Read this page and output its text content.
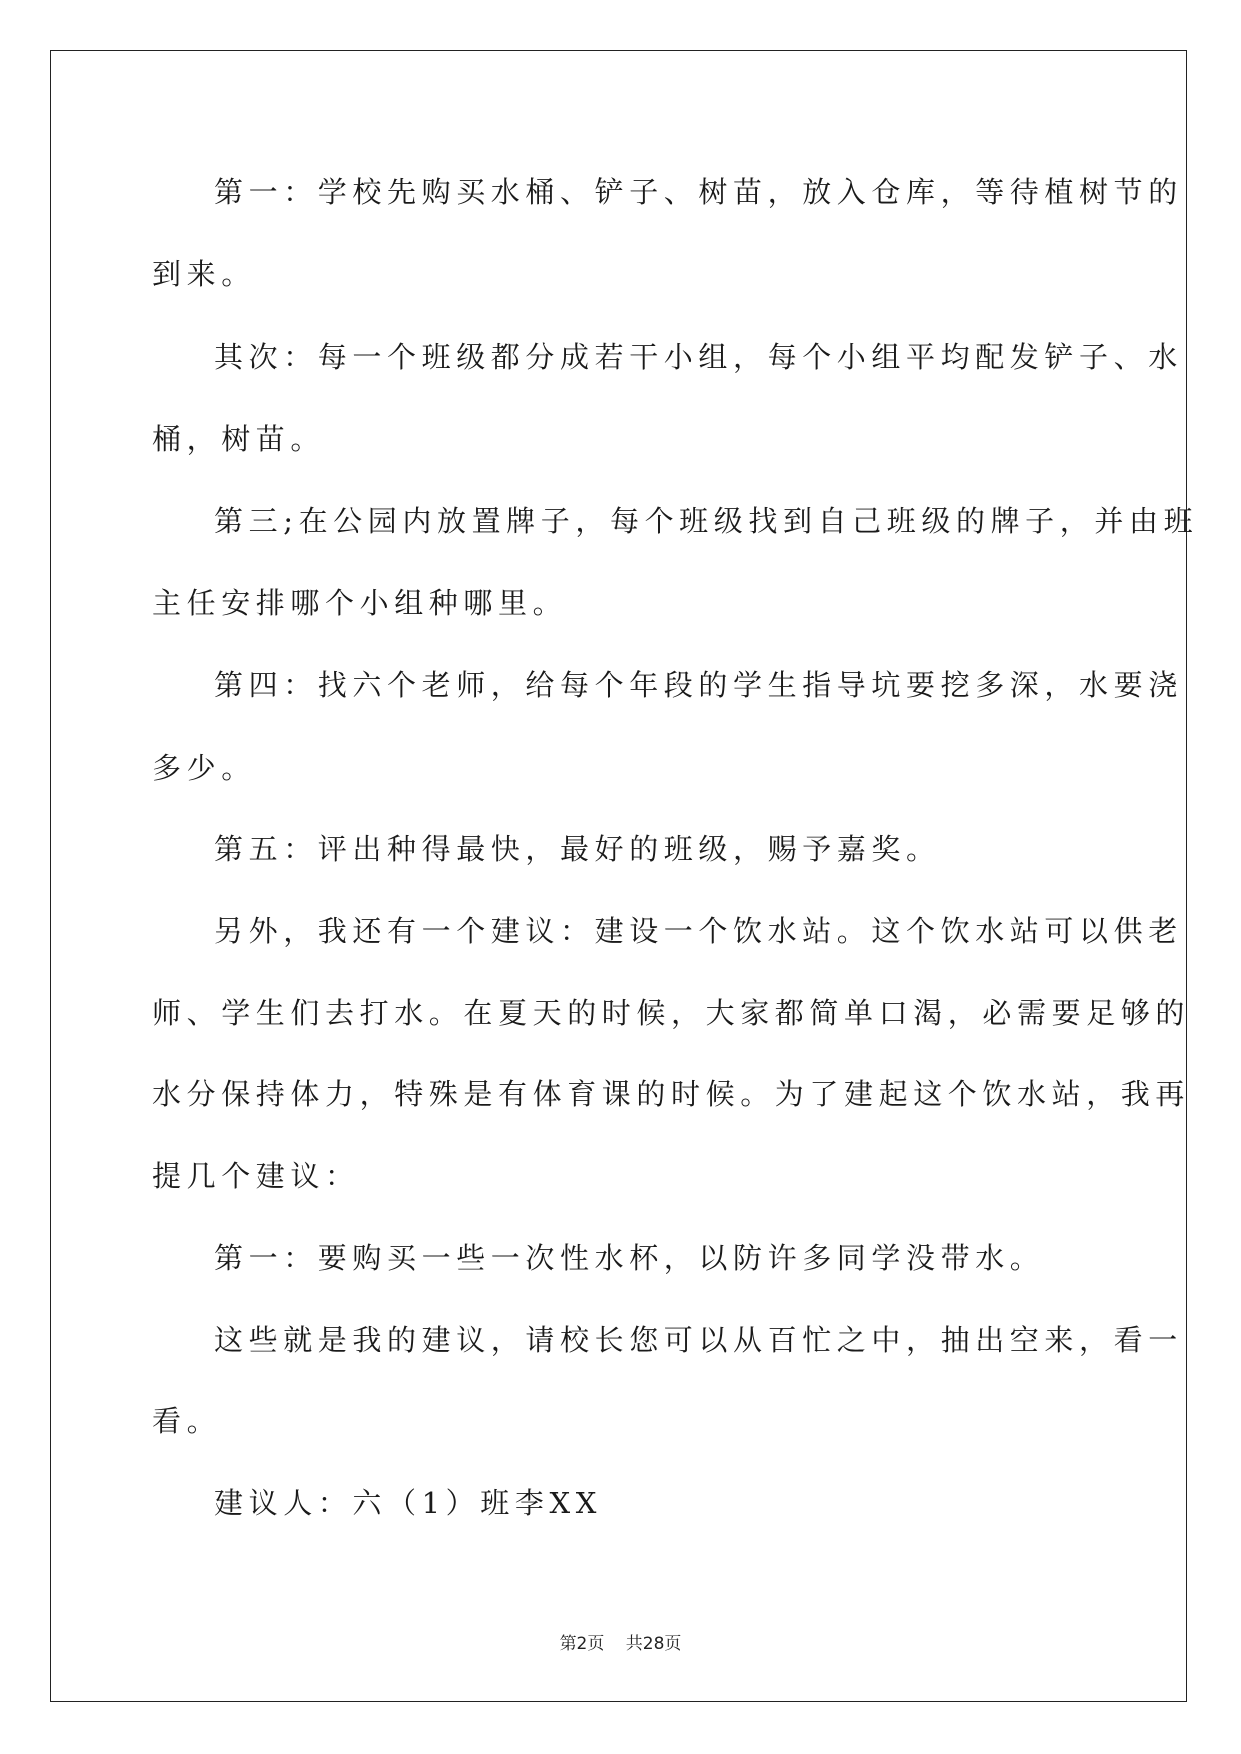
第一：学校先购买水桶、铲子、树苗，放入仓库，等待植树节的
到来。
其次：每一个班级都分成若干小组，每个小组平均配发铲子、水
桶，树苗。
第三;在公园内放置牌子，每个班级找到自己班级的牌子，并由班
主任安排哪个小组种哪里。
第四：找六个老师，给每个年段的学生指导坑要挖多深，水要浇
多少。
第五：评出种得最快，最好的班级，赐予嘉奖。
另外，我还有一个建议：建设一个饮水站。这个饮水站可以供老
师、学生们去打水。在夏天的时候，大家都简单口渴，必需要足够的
水分保持体力，特殊是有体育课的时候。为了建起这个饮水站，我再
提几个建议：
第一：要购买一些一次性水杯，以防许多同学没带水。
这些就是我的建议，请校长您可以从百忙之中，抽出空来，看一
看。
建议人：六（1）班李XX
第2页 共28页
